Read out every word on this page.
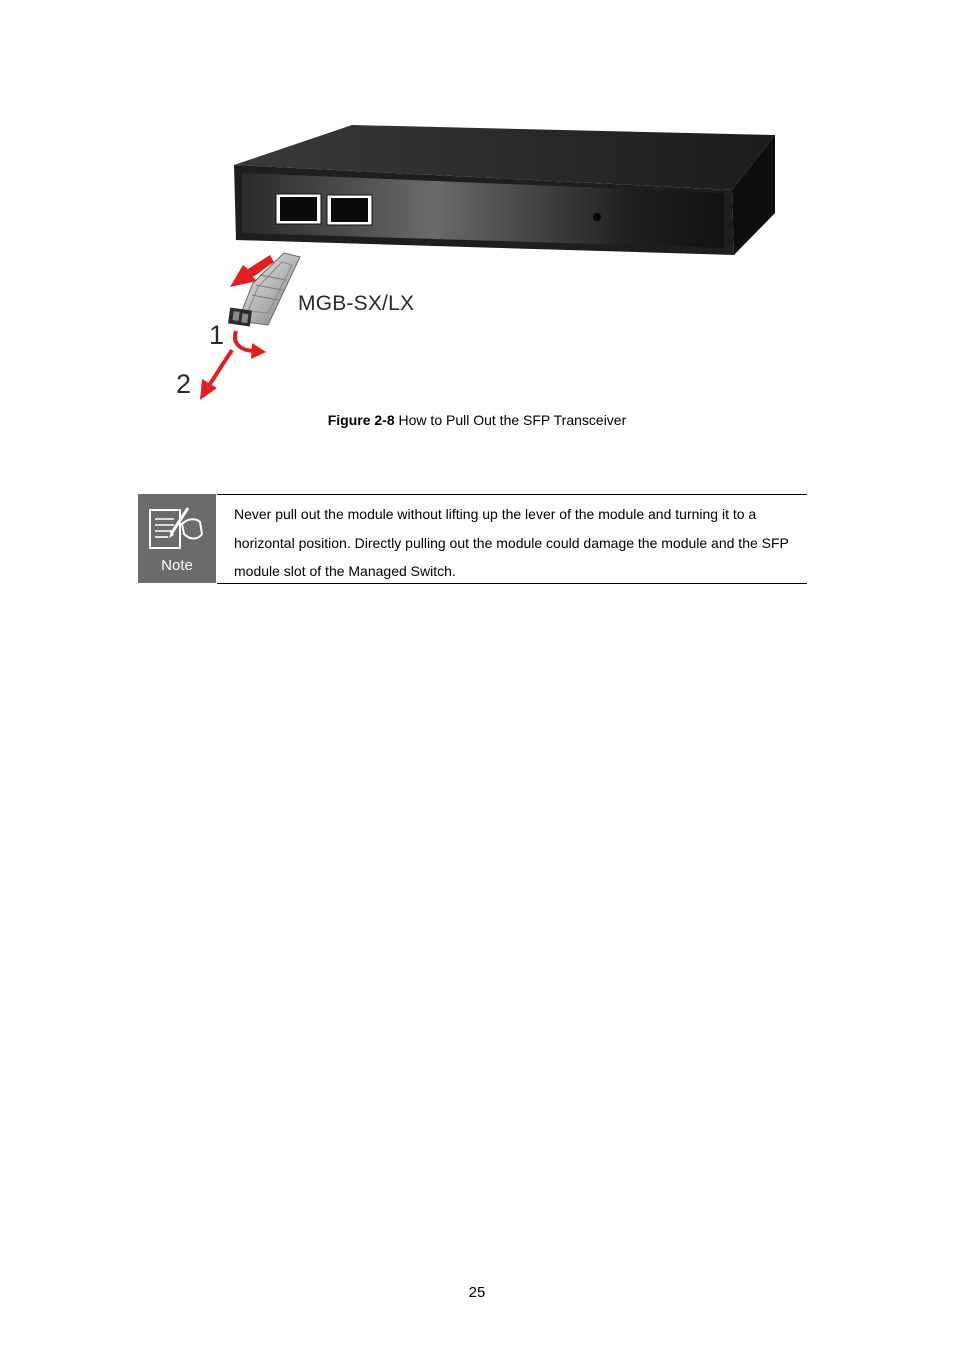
MGB-SX/LX
1
2
Figure 2-8 How to Pull Out the SFP Transceiver
Note

Never pull out the module without lifting up the lever of the module and turning it to a horizontal position. Directly pulling out the module could damage the module and the SFP module slot of the Managed Switch.

25
